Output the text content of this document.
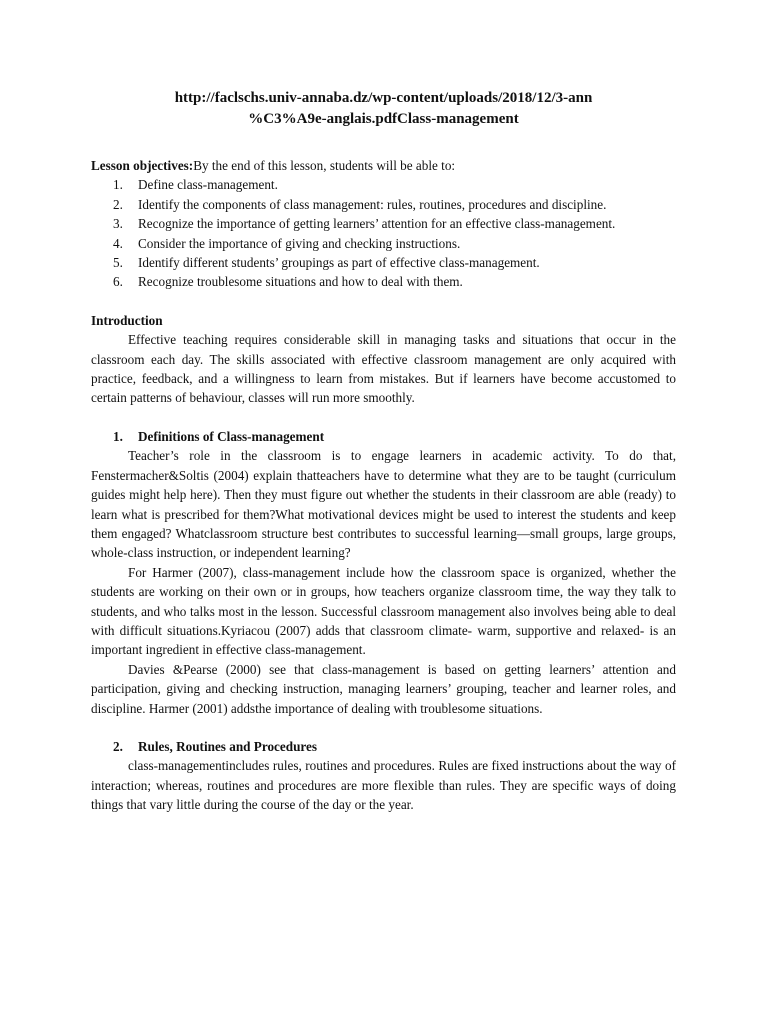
http://faclschs.univ-annaba.dz/wp-content/uploads/2018/12/3-ann
%C3%A9e-anglais.pdfClass-management

Lesson objectives:By the end of this lesson, students will be able to:

1. Define class-management.
2. Identify the components of class management: rules, routines, procedures and discipline.
3. Recognize the importance of getting learners’ attention for an effective class-management.
4. Consider the importance of giving and checking instructions.
5. Identify different students’ groupings as part of effective class-management.
6. Recognize troublesome situations and how to deal with them.

Introduction

Effective teaching requires considerable skill in managing tasks and situations that occur in the classroom each day. The skills associated with effective classroom management are only acquired with practice, feedback, and a willingness to learn from mistakes. But if learners have become accustomed to certain patterns of behaviour, classes will run more smoothly.

1. Definitions of Class-management

Teacher’s role in the classroom is to engage learners in academic activity. To do that, Fenstermacher&Soltis (2004) explain thatteachers have to determine what they are to be taught (curriculum guides might help here). Then they must figure out whether the students in their classroom are able (ready) to learn what is prescribed for them?What motivational devices might be used to interest the students and keep them engaged? Whatclassroom structure best contributes to successful learning—small groups, large groups, whole-class instruction, or independent learning?

For Harmer (2007), class-management include how the classroom space is organized, whether the students are working on their own or in groups, how teachers organize classroom time, the way they talk to students, and who talks most in the lesson. Successful classroom management also involves being able to deal with difficult situations.Kyriacou (2007) adds that classroom climate- warm, supportive and relaxed- is an important ingredient in effective class-management.

Davies &Pearse (2000) see that class-management is based on getting learners’ attention and participation, giving and checking instruction, managing learners’ grouping, teacher and learner roles, and discipline. Harmer (2001) addsthe importance of dealing with troublesome situations.

2. Rules, Routines and Procedures

class-managementincludes rules, routines and procedures. Rules are fixed instructions about the way of interaction; whereas, routines and procedures are more flexible than rules. They are specific ways of doing things that vary little during the course of the day or the year.
